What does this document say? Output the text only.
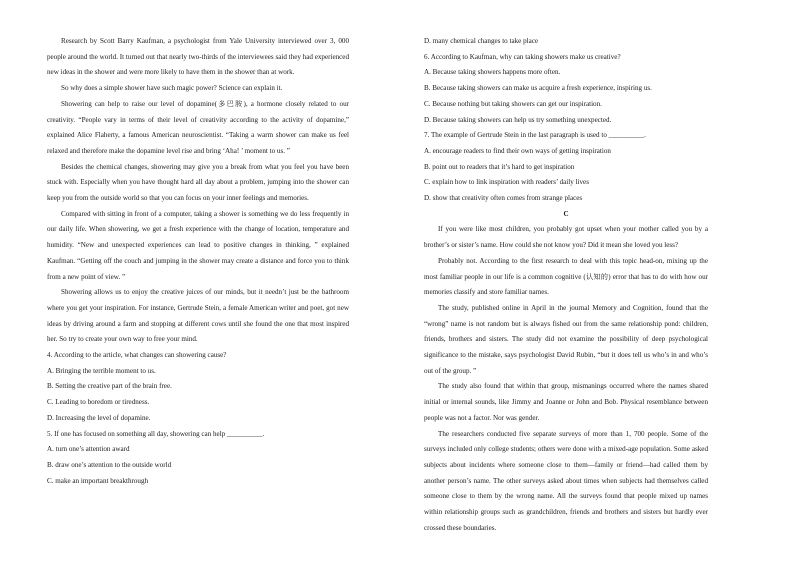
Research by Scott Barry Kaufman, a psychologist from Yale University interviewed over 3, 000 people around the world. It turned out that nearly two-thirds of the interviewees said they had experienced new ideas in the shower and were more likely to have them in the shower than at work.

So why does a simple shower have such magic power? Science can explain it.

Showering can help to raise our level of dopamine(多巴胺), a hormone closely related to our creativity. “People vary in terms of their level of creativity according to the activity of dopamine,” explained Alice Flaherty, a famous American neuroscientist. “Taking a warm shower can make us feel relaxed and therefore make the dopamine level rise and bring ‘Aha! ’ moment to us. ”

Besides the chemical changes, showering may give you a break from what you feel you have been stuck with. Especially when you have thought hard all day about a problem, jumping into the shower can keep you from the outside world so that you can focus on your inner feelings and memories.

Compared with sitting in front of a computer, taking a shower is something we do less frequently in our daily life. When showering, we get a fresh experience with the change of location, temperature and humidity. “New and unexpected experiences can lead to positive changes in thinking, ” explained Kaufman. “Getting off the couch and jumping in the shower may create a distance and force you to think from a new point of view. ”

Showering allows us to enjoy the creative juices of our minds, but it needn’t just be the bathroom where you get your inspiration. For instance, Gertrude Stein, a female American writer and poet, got new ideas by driving around a farm and stopping at different cows until she found the one that most inspired her. So try to create your own way to free your mind.

4. According to the article, what changes can showering cause?

A. Bringing the terrible moment to us.

B. Setting the creative part of the brain free.

C. Leading to boredom or tiredness.

D. Increasing the level of dopamine.

5. If one has focused on something all day, showering can help __________.

A. turn one’s attention award

B. draw one’s attention to the outside world

C. make an important breakthrough

D. many chemical changes to take place

6. According to Kaufman, why can taking showers make us creative?

A. Because taking showers happens more often.

B. Because taking showers can make us acquire a fresh experience, inspiring us.

C. Because nothing but taking showers can get our inspiration.

D. Because taking showers can help us try something unexpected.

7. The example of Gertrude Stein in the last paragraph is used to __________.

A. encourage readers to find their own ways of getting inspiration

B. point out to readers that it’s hard to get inspiration

C. explain how to link inspiration with readers’ daily lives

D. show that creativity often comes from strange places

C

If you were like most children, you probably got upset when your mother called you by a brother’s or sister’s name. How could she not know you? Did it mean she loved you less?

Probably not. According to the first research to deal with this topic head-on, mixing up the most familiar people in our life is a common cognitive (认知的) error that has to do with how our memories classify and store familiar names.

The study, published online in April in the journal Memory and Cognition, found that the “wrong” name is not random but is always fished out from the same relationship pond: children, friends, brothers and sisters. The study did not examine the possibility of deep psychological significance to the mistake, says psychologist David Rubin, “but it does tell us who’s in and who’s out of the group. ”

The study also found that within that group, mismanings occurred where the names shared initial or internal sounds, like Jimmy and Joanne or John and Bob. Physical resemblance between people was not a factor. Nor was gender.

The researchers conducted five separate surveys of more than 1, 700 people. Some of the surveys included only college students; others were done with a mixed-age population. Some asked subjects about incidents where someone close to them—family or friend—had called them by another person’s name. The other surveys asked about times when subjects had themselves called someone close to them by the wrong name. All the surveys found that people mixed up names within relationship groups such as grandchildren, friends and brothers and sisters but hardly ever crossed these boundaries.
